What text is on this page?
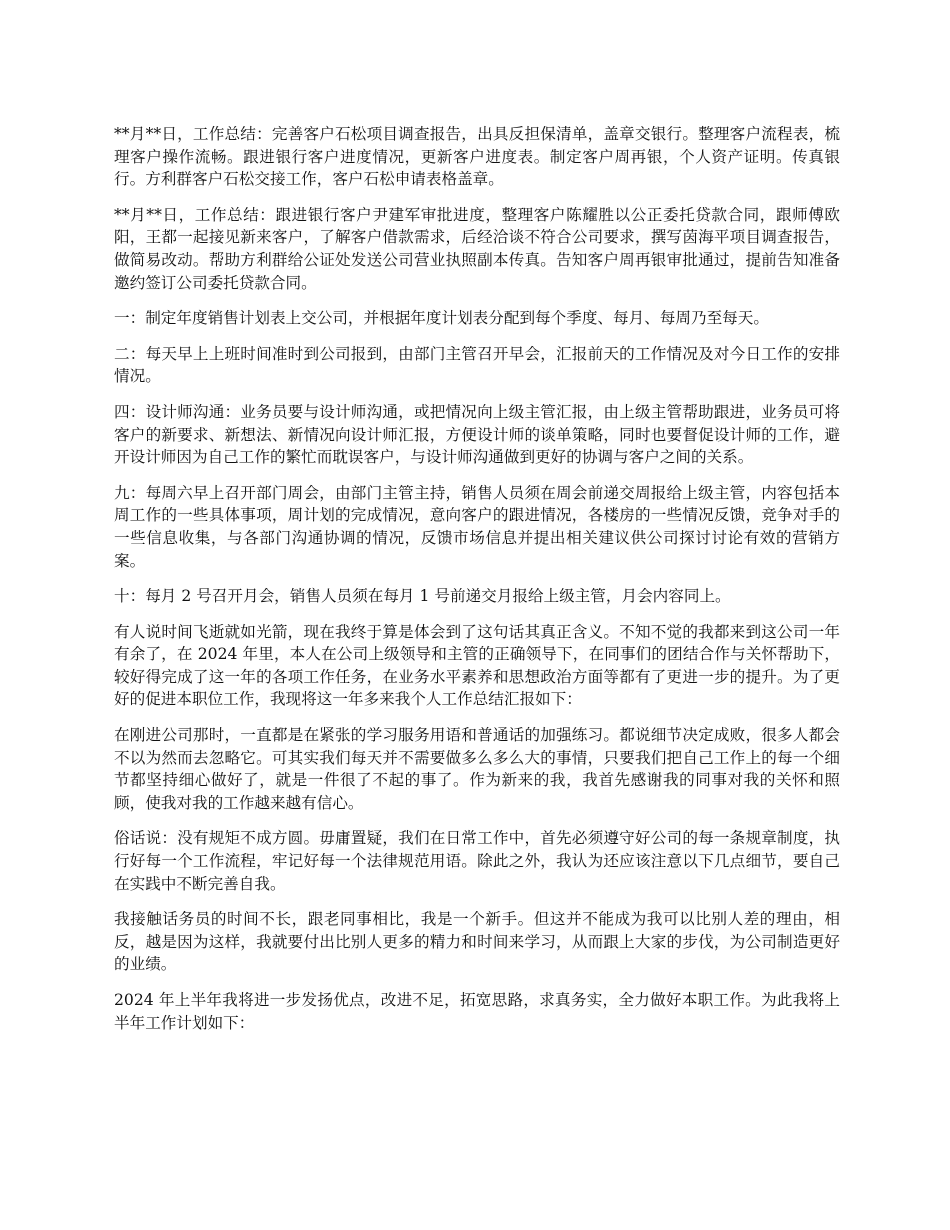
**月**日，工作总结：完善客户石松项目调查报告，出具反担保清单，盖章交银行。整理客户流程表，梳理客户操作流畅。跟进银行客户进度情况，更新客户进度表。制定客户周再银，个人资产证明。传真银行。方利群客户石松交接工作，客户石松申请表格盖章。

**月**日，工作总结：跟进银行客户尹建军审批进度，整理客户陈耀胜以公正委托贷款合同，跟师傅欧阳，王都一起接见新来客户，了解客户借款需求，后经洽谈不符合公司要求，撰写茵海平项目调查报告，做简易改动。帮助方利群给公证处发送公司营业执照副本传真。告知客户周再银审批通过，提前告知准备邀约签订公司委托贷款合同。

一：制定年度销售计划表上交公司，并根据年度计划表分配到每个季度、每月、每周乃至每天。

二：每天早上上班时间准时到公司报到，由部门主管召开早会，汇报前天的工作情况及对今日工作的安排情况。

四：设计师沟通：业务员要与设计师沟通，或把情况向上级主管汇报，由上级主管帮助跟进，业务员可将客户的新要求、新想法、新情况向设计师汇报，方便设计师的谈单策略，同时也要督促设计师的工作，避开设计师因为自己工作的繁忙而耽误客户，与设计师沟通做到更好的协调与客户之间的关系。

九：每周六早上召开部门周会，由部门主管主持，销售人员须在周会前递交周报给上级主管，内容包括本周工作的一些具体事项，周计划的完成情况，意向客户的跟进情况，各楼房的一些情况反馈，竞争对手的一些信息收集，与各部门沟通协调的情况，反馈市场信息并提出相关建议供公司探讨讨论有效的营销方案。

十：每月 2 号召开月会，销售人员须在每月 1 号前递交月报给上级主管，月会内容同上。

有人说时间飞逝就如光箭，现在我终于算是体会到了这句话其真正含义。不知不觉的我都来到这公司一年有余了，在 2024 年里，本人在公司上级领导和主管的正确领导下，在同事们的团结合作与关怀帮助下，较好得完成了这一年的各项工作任务，在业务水平素养和思想政治方面等都有了更进一步的提升。为了更好的促进本职位工作，我现将这一年多来我个人工作总结汇报如下：

在刚进公司那时，一直都是在紧张的学习服务用语和普通话的加强练习。都说细节决定成败，很多人都会不以为然而去忽略它。可其实我们每天并不需要做多么多么大的事情，只要我们把自己工作上的每一个细节都坚持细心做好了，就是一件很了不起的事了。作为新来的我，我首先感谢我的同事对我的关怀和照顾，使我对我的工作越来越有信心。

俗话说：没有规矩不成方圆。毋庸置疑，我们在日常工作中，首先必须遵守好公司的每一条规章制度，执行好每一个工作流程，牢记好每一个法律规范用语。除此之外，我认为还应该注意以下几点细节，要自己在实践中不断完善自我。

我接触话务员的时间不长，跟老同事相比，我是一个新手。但这并不能成为我可以比别人差的理由，相反，越是因为这样，我就要付出比别人更多的精力和时间来学习，从而跟上大家的步伐，为公司制造更好的业绩。

2024 年上半年我将进一步发扬优点，改进不足，拓宽思路，求真务实，全力做好本职工作。为此我将上半年工作计划如下：
